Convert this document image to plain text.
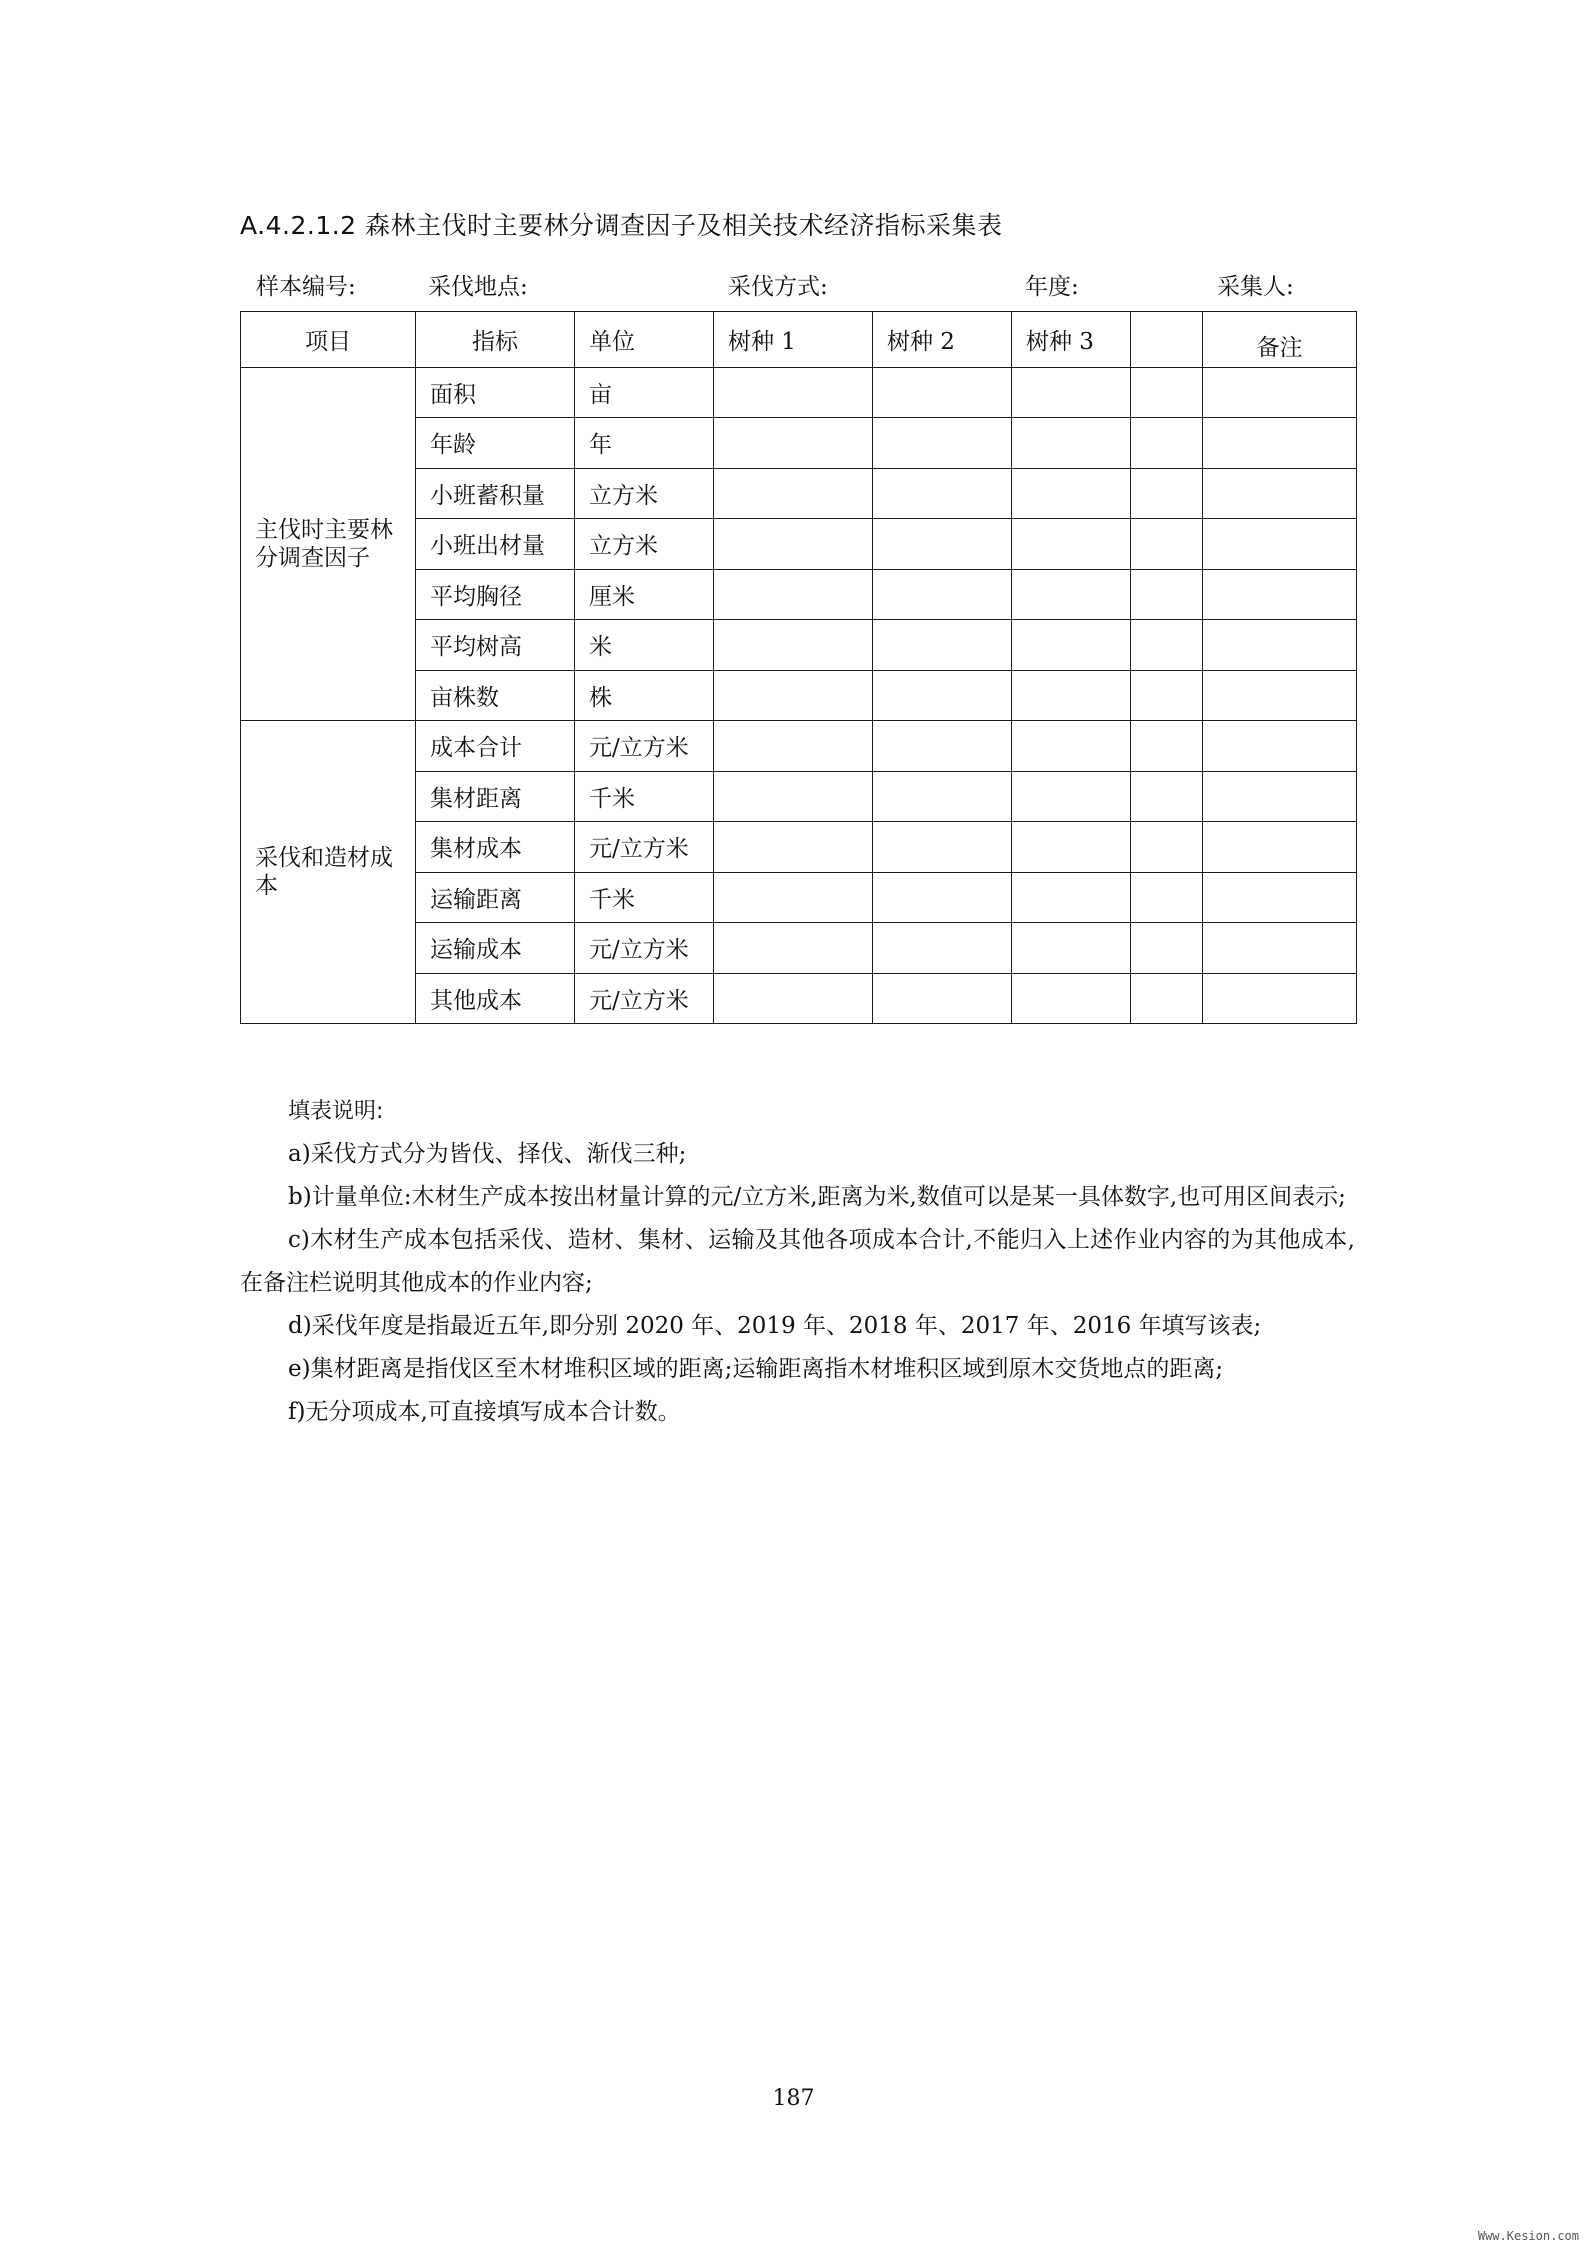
A.4.2.1.2 森林主伐时主要林分调查因子及相关技术经济指标采集表
样本编号:	采伐地点:	采伐方式:	年度:	采集人:
项目	指标	单位	树种 1	树种 2	树种 3		备注
主伐时主要林分调查因子	面积	亩					
	年龄	年					
	小班蓄积量	立方米					
	小班出材量	立方米					
	平均胸径	厘米					
	平均树高	米					
	亩株数	株					
采伐和造材成本	成本合计	元/立方米					
	集材距离	千米					
	集材成本	元/立方米					
	运输距离	千米					
	运输成本	元/立方米					
	其他成本	元/立方米					
填表说明:
a)采伐方式分为皆伐、择伐、渐伐三种;
b)计量单位:木材生产成本按出材量计算的元/立方米,距离为米,数值可以是某一具体数字,也可用区间表示;
c)木材生产成本包括采伐、造材、集材、运输及其他各项成本合计,不能归入上述作业内容的为其他成本,在备注栏说明其他成本的作业内容;
d)采伐年度是指最近五年,即分别 2020 年、2019 年、2018 年、2017 年、2016 年填写该表;
e)集材距离是指伐区至木材堆积区域的距离;运输距离指木材堆积区域到原木交货地点的距离;
f)无分项成本,可直接填写成本合计数。
187
Www.Kesion.com
